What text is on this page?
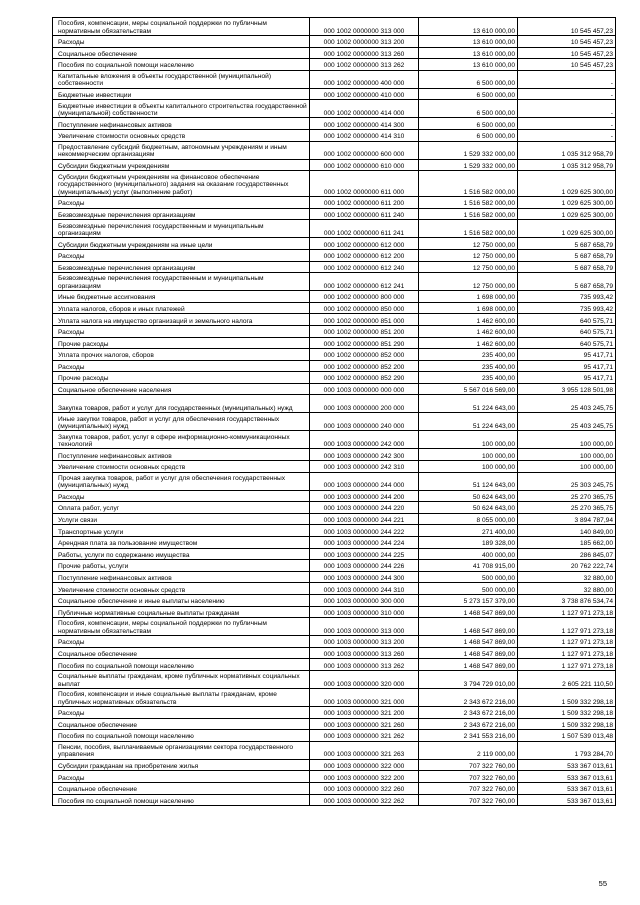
Пособия, компенсации, меры социальной поддержки по публичным нормативным обязательствам	000 1002 0000000 313 000	13 610 000,00	10 545 457,23
Расходы	000 1002 0000000 313 200	13 610 000,00	10 545 457,23
Социальное обеспечение	000 1002 0000000 313 260	13 610 000,00	10 545 457,23
Пособия по социальной помощи населению	000 1002 0000000 313 262	13 610 000,00	10 545 457,23
Капитальные вложения в объекты государственной (муниципальной) собственности	000 1002 0000000 400 000	6 500 000,00	-
Бюджетные инвестиции	000 1002 0000000 410 000	6 500 000,00	-
Бюджетные инвестиции в объекты капитального строительства государственной (муниципальной) собственности	000 1002 0000000 414 000	6 500 000,00	-
Поступление нефинансовых активов	000 1002 0000000 414 300	6 500 000,00	-
Увеличение стоимости основных средств	000 1002 0000000 414 310	6 500 000,00	-
Предоставление субсидий бюджетным, автономным учреждениям и иным некоммерческим организациям	000 1002 0000000 600 000	1 529 332 000,00	1 035 312 958,79
Субсидии бюджетным учреждениям	000 1002 0000000 610 000	1 529 332 000,00	1 035 312 958,79
Субсидии бюджетным учреждениям на финансовое обеспечение государственного (муниципального) задания на оказание государственных (муниципальных) услуг (выполнение работ)	000 1002 0000000 611 000	1 516 582 000,00	1 029 625 300,00
Расходы	000 1002 0000000 611 200	1 516 582 000,00	1 029 625 300,00
Безвозмездные перечисления организациям	000 1002 0000000 611 240	1 516 582 000,00	1 029 625 300,00
Безвозмездные перечисления государственным и муниципальным организациям	000 1002 0000000 611 241	1 516 582 000,00	1 029 625 300,00
Субсидии бюджетным учреждениям на иные цели	000 1002 0000000 612 000	12 750 000,00	5 687 658,79
Расходы	000 1002 0000000 612 200	12 750 000,00	5 687 658,79
Безвозмездные перечисления организациям	000 1002 0000000 612 240	12 750 000,00	5 687 658,79
Безвозмездные перечисления государственным и муниципальным организациям	000 1002 0000000 612 241	12 750 000,00	5 687 658,79
Иные бюджетные ассигнования	000 1002 0000000 800 000	1 698 000,00	735 993,42
Уплата налогов, сборов и иных платежей	000 1002 0000000 850 000	1 698 000,00	735 993,42
Уплата налога на имущество организаций и земельного налога	000 1002 0000000 851 000	1 462 600,00	640 575,71
Расходы	000 1002 0000000 851 200	1 462 600,00	640 575,71
Прочие расходы	000 1002 0000000 851 290	1 462 600,00	640 575,71
Уплата прочих налогов, сборов	000 1002 0000000 852 000	235 400,00	95 417,71
Расходы	000 1002 0000000 852 200	235 400,00	95 417,71
Прочие расходы	000 1002 0000000 852 290	235 400,00	95 417,71
Социальное обеспечение населения	000 1003 0000000 000 000	5 567 016 569,00	3 955 128 501,98
Закупка товаров, работ и услуг для государственных (муниципальных) нужд	000 1003 0000000 200 000	51 224 643,00	25 403 245,75
Иные закупки товаров, работ и услуг для обеспечения государственных (муниципальных) нужд	000 1003 0000000 240 000	51 224 643,00	25 403 245,75
Закупка товаров, работ, услуг в сфере информационно-коммуникационных технологий	000 1003 0000000 242 000	100 000,00	100 000,00
Поступление нефинансовых активов	000 1003 0000000 242 300	100 000,00	100 000,00
Увеличение стоимости основных средств	000 1003 0000000 242 310	100 000,00	100 000,00
Прочая закупка товаров, работ и услуг для обеспечения государственных (муниципальных) нужд	000 1003 0000000 244 000	51 124 643,00	25 303 245,75
Расходы	000 1003 0000000 244 200	50 624 643,00	25 270 365,75
Оплата работ, услуг	000 1003 0000000 244 220	50 624 643,00	25 270 365,75
Услуги связи	000 1003 0000000 244 221	8 055 000,00	3 894 787,94
Транспортные услуги	000 1003 0000000 244 222	271 400,00	140 849,00
Арендная плата за пользование имуществом	000 1003 0000000 244 224	189 328,00	185 662,00
Работы, услуги по содержанию имущества	000 1003 0000000 244 225	400 000,00	286 845,07
Прочие работы, услуги	000 1003 0000000 244 226	41 708 915,00	20 762 222,74
Поступление нефинансовых активов	000 1003 0000000 244 300	500 000,00	32 880,00
Увеличение стоимости основных средств	000 1003 0000000 244 310	500 000,00	32 880,00
Социальное обеспечение и иные выплаты населению	000 1003 0000000 300 000	5 273 157 379,00	3 738 876 534,74
Публичные нормативные социальные выплаты гражданам	000 1003 0000000 310 000	1 468 547 869,00	1 127 971 273,18
Пособия, компенсации, меры социальной поддержки по публичным нормативным обязательствам	000 1003 0000000 313 000	1 468 547 869,00	1 127 971 273,18
Расходы	000 1003 0000000 313 200	1 468 547 869,00	1 127 971 273,18
Социальное обеспечение	000 1003 0000000 313 260	1 468 547 869,00	1 127 971 273,18
Пособия по социальной помощи населению	000 1003 0000000 313 262	1 468 547 869,00	1 127 971 273,18
Социальные выплаты гражданам, кроме публичных нормативных социальных выплат	000 1003 0000000 320 000	3 794 729 010,00	2 605 221 110,50
Пособия, компенсации и иные социальные выплаты гражданам, кроме публичных нормативных обязательств	000 1003 0000000 321 000	2 343 672 216,00	1 509 332 298,18
Расходы	000 1003 0000000 321 200	2 343 672 216,00	1 509 332 298,18
Социальное обеспечение	000 1003 0000000 321 260	2 343 672 216,00	1 509 332 298,18
Пособия по социальной помощи населению	000 1003 0000000 321 262	2 341 553 216,00	1 507 539 013,48
Пенсии, пособия, выплачиваемые организациями сектора государственного управления	000 1003 0000000 321 263	2 119 000,00	1 793 284,70
Субсидии гражданам на приобретение жилья	000 1003 0000000 322 000	707 322 760,00	533 367 013,61
Расходы	000 1003 0000000 322 200	707 322 760,00	533 367 013,61
Социальное обеспечение	000 1003 0000000 322 260	707 322 760,00	533 367 013,61
Пособия по социальной помощи населению	000 1003 0000000 322 262	707 322 760,00	533 367 013,61
55
